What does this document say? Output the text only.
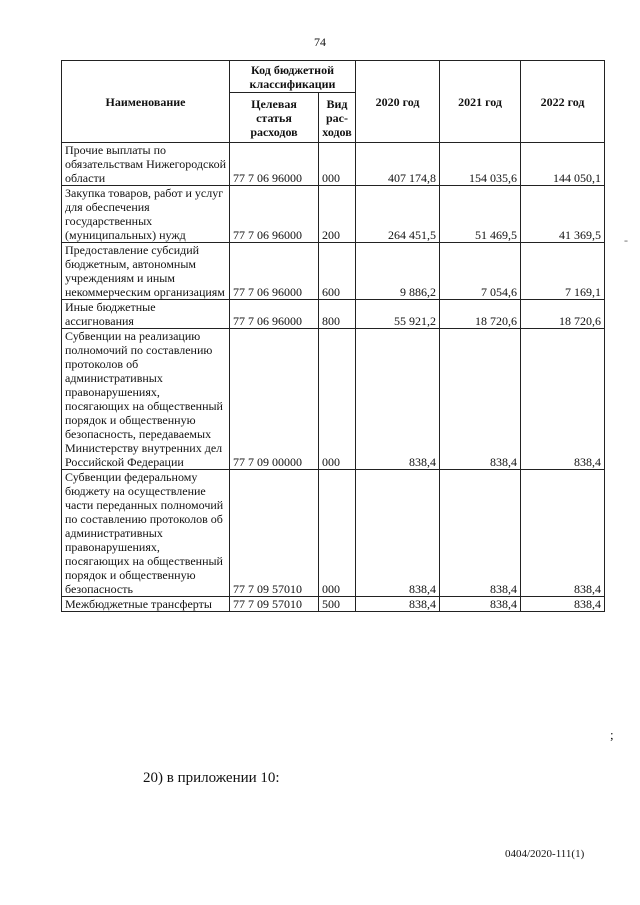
74
‐
Наименование	Код бюджетной классификации		2020 год	2021 год	2022 год
	Целевая статья расходов	Вид рас-ходов			
Прочие выплаты по обязательствам Нижегородской области	77 7 06 96000	000	407 174,8	154 035,6	144 050,1
Закупка товаров, работ и услуг для обеспечения государственных (муниципальных) нужд	77 7 06 96000	200	264 451,5	51 469,5	41 369,5
Предоставление субсидий бюджетным, автономным учреждениям и иным некоммерческим организациям	77 7 06 96000	600	9 886,2	7 054,6	7 169,1
Иные бюджетные ассигнования	77 7 06 96000	800	55 921,2	18 720,6	18 720,6
Субвенции на реализацию полномочий по составлению протоколов об административных правонарушениях, посягающих на общественный порядок и общественную безопасность, передаваемых Министерству внутренних дел Российской Федерации	77 7 09 00000	000	838,4	838,4	838,4
Субвенции федеральному бюджету на осуществление части переданных полномочий по составлению протоколов об административных правонарушениях, посягающих на общественный порядок и общественную безопасность	77 7 09 57010	000	838,4	838,4	838,4
Межбюджетные трансферты	77 7 09 57010	500	838,4	838,4	838,4
;
20) в приложении 10:
0404/2020-111(1)
